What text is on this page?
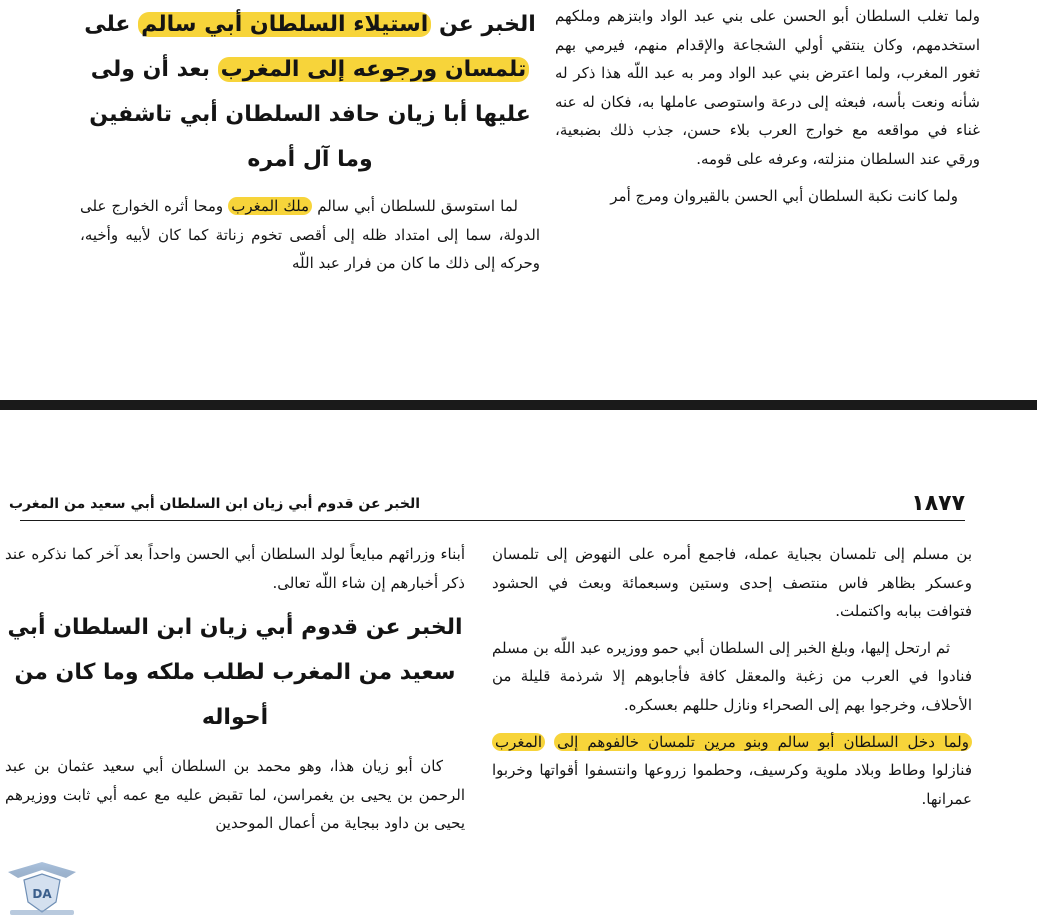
ولما تغلب السلطان أبو الحسن على بني عبد الواد وابتزهم وملكهم استخدمهم، وكان ينتقي أولي الشجاعة والإقدام منهم، فيرمي بهم ثغور المغرب، ولما اعترض بني عبد الواد ومر به عبد اللّه هذا ذكر له شأنه ونعت بأسه، فبعثه إلى درعة واستوصى عاملها به، فكان له عنه غناء في مواقعه مع خوارج العرب بلاء حسن، جذب ذلك بضبعية، ورقي عند السلطان منزلته، وعرفه على قومه.

ولما كانت نكبة السلطان أبي الحسن بالقيروان ومرج أمر

الخبر عن استيلاء السلطان أبي سالم على تلمسان ورجوعه إلى المغرب بعد أن ولى عليها أبا زيان حافد السلطان أبي تاشفين وما آل أمره

لما استوسق للسلطان أبي سالم ملك المغرب ومحا أثره الخوارج على الدولة، سما إلى امتداد ظله إلى أقصى تخوم زناتة كما كان لأبيه وأخيه، وحركه إلى ذلك ما كان من فرار عبد اللّه

١٨٧٧
الخبر عن قدوم أبي زيان ابن السلطان أبي سعيد من المغرب

بن مسلم إلى تلمسان بجباية عمله، فاجمع أمره على النهوض إلى تلمسان وعسكر بظاهر فاس منتصف إحدى وستين وسبعمائة وبعث في الحشود فتوافت ببابه واكتملت.

ثم ارتحل إليها، وبلغ الخبر إلى السلطان أبي حمو ووزيره عبد اللّه بن مسلم فنادوا في العرب من زغبة والمعقل كافة فأجابوهم إلا شرذمة قليلة من الأحلاف، وخرجوا بهم إلى الصحراء ونازل حللهم بعسكره.

ولما دخل السلطان أبو سالم وبنو مرين تلمسان خالفوهم إلى المغرب فنازلوا وطاط وبلاد ملوية وكرسيف، وحطموا زروعها وانتسفوا أقواتها وخربوا عمرانها.

أبناء وزرائهم مبايعاً لولد السلطان أبي الحسن واحداً بعد آخر كما نذكره عند ذكر أخبارهم إن شاء اللّه تعالى.

الخبر عن قدوم أبي زيان ابن السلطان أبي سعيد من المغرب لطلب ملكه وما كان من أحواله

كان أبو زيان هذا، وهو محمد بن السلطان أبي سعيد عثمان بن عبد الرحمن بن يحيى بن يغمراسن، لما تقبض عليه مع عمه أبي ثابت ووزيرهم يحيى بن داود ببجاية من أعمال الموحدين

DA
